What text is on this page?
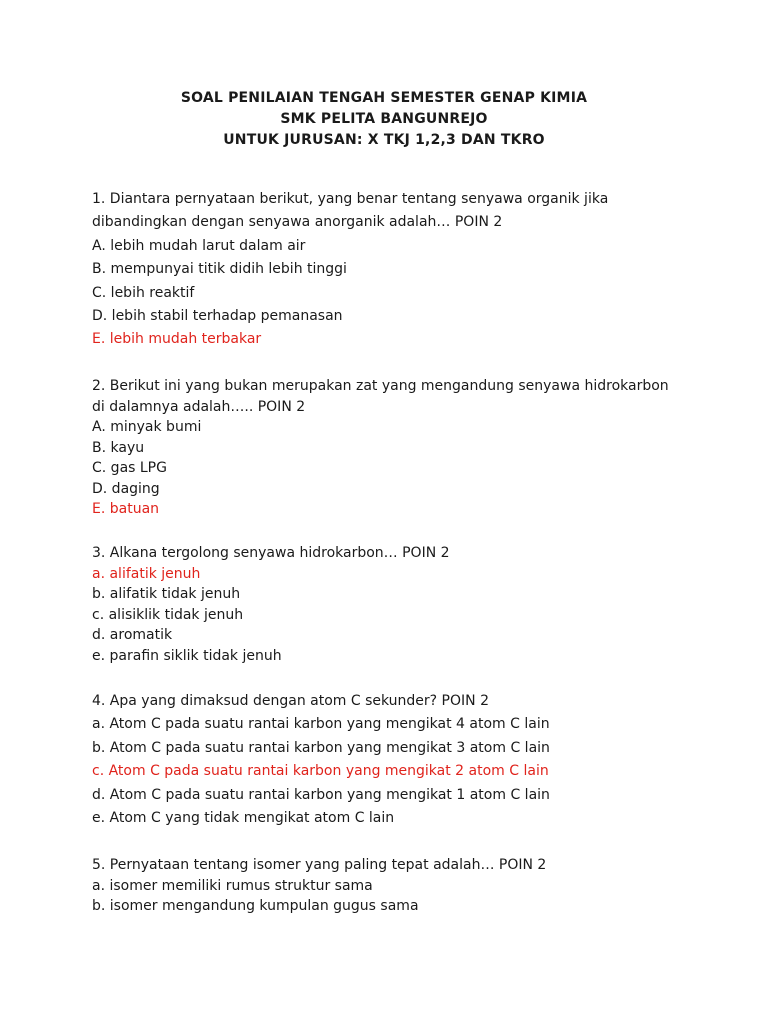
SOAL PENILAIAN TENGAH SEMESTER GENAP KIMIA
SMK PELITA BANGUNREJO
UNTUK JURUSAN: X TKJ 1,2,3 DAN TKRO
1. Diantara pernyataan berikut, yang benar tentang senyawa organik jika
dibandingkan dengan senyawa anorganik adalah… POIN 2
A. lebih mudah larut dalam air
B. mempunyai titik didih lebih tinggi
C. lebih reaktif
D. lebih stabil terhadap pemanasan
E. lebih mudah terbakar
2. Berikut ini yang bukan merupakan zat yang mengandung senyawa hidrokarbon
di dalamnya adalah….. POIN 2
A. minyak bumi
B. kayu
C. gas LPG
D. daging
E. batuan
3. Alkana tergolong senyawa hidrokarbon… POIN 2
a. alifatik jenuh
b. alifatik tidak jenuh
c. alisiklik tidak jenuh
d. aromatik
e. parafin siklik tidak jenuh
4. Apa yang dimaksud dengan atom C sekunder? POIN 2
a. Atom C pada suatu rantai karbon yang mengikat 4 atom C lain
b. Atom C pada suatu rantai karbon yang mengikat 3 atom C lain
c. Atom C pada suatu rantai karbon yang mengikat 2 atom C lain
d. Atom C pada suatu rantai karbon yang mengikat 1 atom C lain
e. Atom C yang tidak mengikat atom C lain
5. Pernyataan tentang isomer yang paling tepat adalah… POIN 2
a. isomer memiliki rumus struktur sama
b. isomer mengandung kumpulan gugus sama
